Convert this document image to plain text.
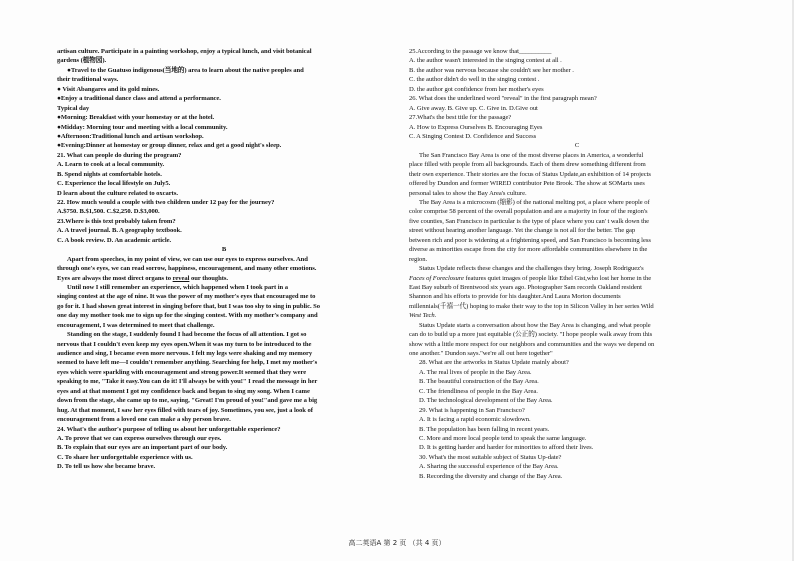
artisan culture. Participate in a painting workshop, enjoy a typical lunch, and visit botanical
gardens (植物园).
●Travel to the Guatuso indigenous(当地的) area to learn about the native peoples and
their traditional ways.
● Visit Abangares and its gold mines.
●Enjoy a traditional dance class and attend a performance.
Typical day
●Morning: Breakfast with your homestay or at the hotel.
●Midday: Morning tour and meeting with a local community.
●Afternoon:Traditional lunch and artisan workshop.
●Evening:Dinner at homestay or group dinner, relax and get a good night's sleep.
21. What can people do during the program?
A. Learn to cook at a local community.
B. Spend nights at comfortable hotels.
C. Experience the local lifestyle on July5.
D learn about the culture related to oxcarts.
22. How much would a couple with two children under 12 pay for the journey?
A.$750. B.$1,500. C.$2,250. D.$3,000.
23.Where is this text probably taken from?
A. A travel journal. B. A geography textbook.
C. A book review. D. An academic article.
B
Apart from speeches, in my point of view, we can use our eyes to express ourselves. And
through one's eyes, we can read sorrow, happiness, encouragement, and many other emotions.
Eyes are always the most direct organs to reveal our thoughts.
Until now I still remember an experience, which happened when I took part in a
singing contest at the age of nine. It was the power of my mother's eyes that encouraged me to
go for it. I had shown great interest in singing before that, but I was too shy to sing in public. So
one day my mother took me to sign up for the singing contest. With my mother's company and
encouragement, I was determined to meet that challenge.
Standing on the stage, I suddenly found I had become the focus of all attention. I got so
nervous that I couldn't even keep my eyes open.When it was my turn to be introduced to the
audience and sing, I became even more nervous. I felt my legs were shaking and my memory
seemed to have left me—I couldn't remember anything. Searching for help, I met my mother's
eyes which were sparkling with encouragement and strong power.It seemed that they were
speaking to me, "Take it easy.You can do it! I'll always be with you!" I read the message in her
eyes and at that moment I got my confidence back and began to sing my song. When I came
down from the stage, she came up to me, saying, "Great! I'm proud of you!"and gave me a big
hug. At that moment, I saw her eyes filled with tears of joy. Sometimes, you see, just a look of
encouragement from a loved one can make a shy person brave.
24. What's the author's purpose of telling us about her unforgettable experience?
A. To prove that we can express ourselves through our eyes.
B. To explain that our eyes are an important part of our body.
C. To share her unforgettable experience with us.
D. To tell us how she became brave.
25.According to the passage we know that__________
A. the author wasn't interested in the singing contest at all .
B. the author was nervous because she couldn't see her mother .
C. the author didn't do well in the singing contest .
D. the author got confidence from her mother's eyes
26. What does the underlined word "reveal" in the first paragraph mean?
A. Give away. B. Give up. C. Give in. D.Give out
27.What's the best title for the passage?
A. How to Express Ourselves B. Encouraging Eyes
C. A Singing Contest D. Confidence and Success
C
The San Francisco Bay Area is one of the most diverse places in America, a wonderful
place filled with people from all backgrounds. Each of them drew something different from
their own experience. Their stories are the focus of Status Update,an exhibition of 14 projects
offered by Dundon and former WIRED contributor Pete Brook. The show at SOMarts uses
personal tales to show the Bay Area's culture.
The Bay Area is a microcosm (缩影) of the national melting pot, a place where people of
color comprise 58 percent of the overall population and are a majority in four of the region's
five counties, San Francisco in particular is the type of place where you can' t walk down the
street without hearing another language. Yet the change is not all for the better. The gap
between rich and poor is widening at a frightening speed, and San Francisco is becoming less
diverse as minorities escape from the city for more affordable communities elsewhere in the
region.
Status Update reflects these changes and the challenges they bring. Joseph Rodriguez's
Faces of Foreclosure features quiet images of people like Ethel Gist,who lost her home in the
East Bay suburb of Brentwood six years ago. Photographer Sam records Oakland resident
Shannon and his efforts to provide for his daughter.And Laura Morton documents
millennials(千禧一代) hoping to make their way to the top in Silicon Valley in her series Wild
West Tech.
Status Update starts a conversation about how the Bay Area is changing, and what people
can do to build up a more just equitable (公正的) society. "I hope people walk away from this
show with a little more respect for our neighbors and communities and the ways we depend on
one another." Dundon says."we're all out here together"
28. What are the artworks in Status Update mainly about?
A. The real lives of people in the Bay Area.
B. The beautiful construction of the Bay Area.
C. The friendliness of people in the Bay Area.
D. The technological development of the Bay Area.
29. What is happening in San Francisco?
A. It is facing a rapid economic slowdown.
B. The population has been falling in recent years.
C. More and more local people tend to speak the same language.
D. It is getting harder and harder for minorities to afford their lives.
30. What's the most suitable subject of Status Up-date?
A. Sharing the successful experience of the Bay Area.
B. Recording the diversity and change of the Bay Area.
高二英语A 第 2 页 （共 4 页）
